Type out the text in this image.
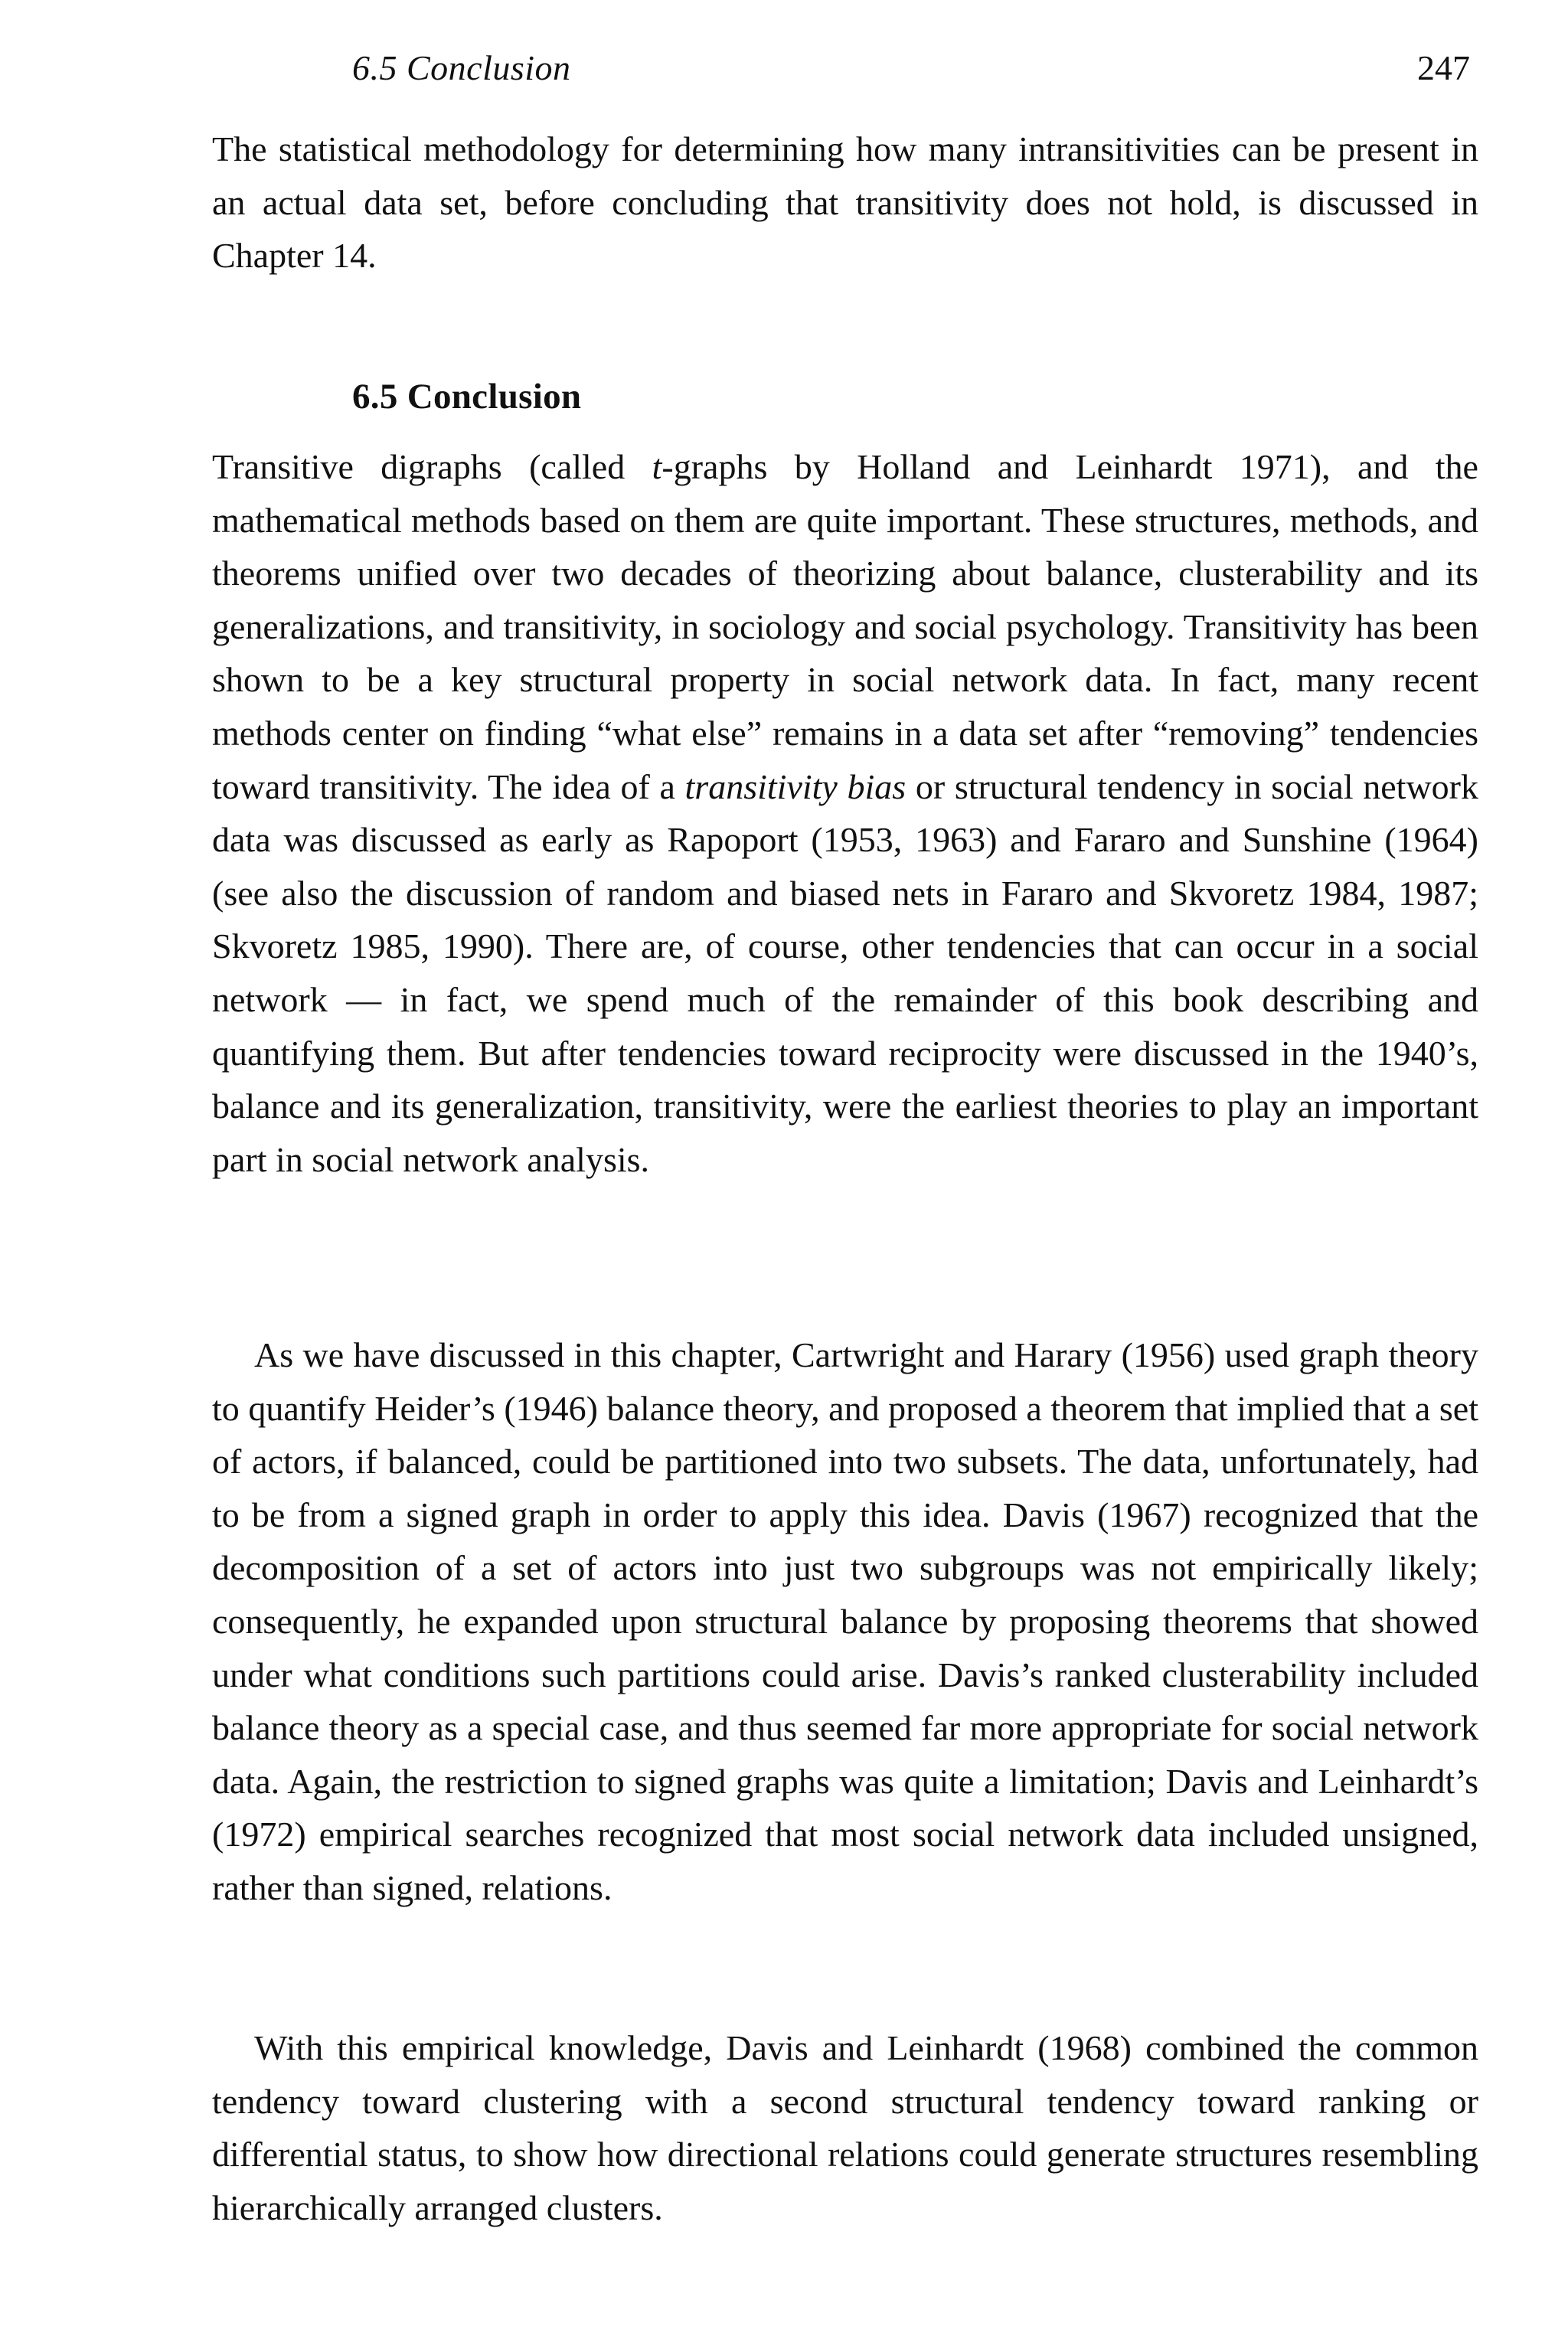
6.5 Conclusion	247

The statistical methodology for determining how many intransitivities can be present in an actual data set, before concluding that transitivity does not hold, is discussed in Chapter 14.

6.5 Conclusion

Transitive digraphs (called t-graphs by Holland and Leinhardt 1971), and the mathematical methods based on them are quite important. These structures, methods, and theorems unified over two decades of theorizing about balance, clusterability and its generalizations, and transitivity, in sociology and social psychology. Transitivity has been shown to be a key structural property in social network data. In fact, many recent methods center on finding “what else” remains in a data set after “removing” tendencies toward transitivity. The idea of a transitivity bias or structural tendency in social network data was discussed as early as Rapoport (1953, 1963) and Fararo and Sunshine (1964) (see also the discussion of random and biased nets in Fararo and Skvoretz 1984, 1987; Skvoretz 1985, 1990). There are, of course, other tendencies that can occur in a social network — in fact, we spend much of the remainder of this book describing and quantifying them. But after tendencies toward reciprocity were discussed in the 1940’s, balance and its generalization, transitivity, were the earliest theories to play an important part in social network analysis.

As we have discussed in this chapter, Cartwright and Harary (1956) used graph theory to quantify Heider’s (1946) balance theory, and proposed a theorem that implied that a set of actors, if balanced, could be partitioned into two subsets. The data, unfortunately, had to be from a signed graph in order to apply this idea. Davis (1967) recognized that the decomposition of a set of actors into just two subgroups was not empirically likely; consequently, he expanded upon structural balance by proposing theorems that showed under what conditions such partitions could arise. Davis’s ranked clusterability included balance theory as a special case, and thus seemed far more appropriate for social network data. Again, the restriction to signed graphs was quite a limitation; Davis and Leinhardt’s (1972) empirical searches recognized that most social network data included unsigned, rather than signed, relations.

With this empirical knowledge, Davis and Leinhardt (1968) combined the common tendency toward clustering with a second structural tendency toward ranking or differential status, to show how directional relations could generate structures resembling hierarchically arranged clusters.
